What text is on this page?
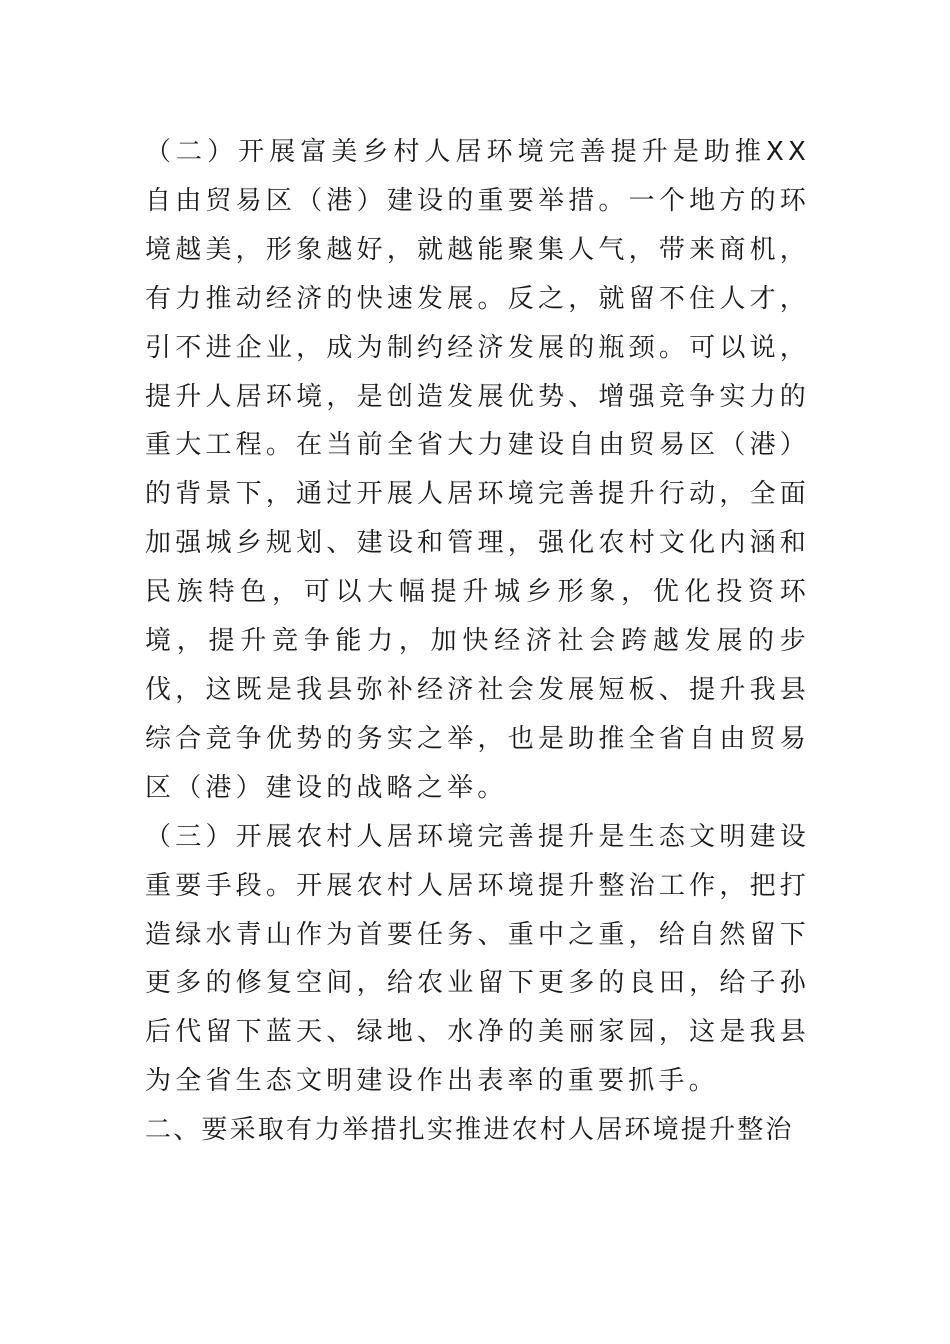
（二）开展富美乡村人居环境完善提升是助推XX自由贸易区（港）建设的重要举措。一个地方的环境越美，形象越好，就越能聚集人气，带来商机，有力推动经济的快速发展。反之，就留不住人才，引不进企业，成为制约经济发展的瓶颈。可以说，提升人居环境，是创造发展优势、增强竞争实力的重大工程。在当前全省大力建设自由贸易区（港）的背景下，通过开展人居环境完善提升行动，全面加强城乡规划、建设和管理，强化农村文化内涵和民族特色，可以大幅提升城乡形象，优化投资环境，提升竞争能力，加快经济社会跨越发展的步伐，这既是我县弥补经济社会发展短板、提升我县综合竞争优势的务实之举，也是助推全省自由贸易区（港）建设的战略之举。

（三）开展农村人居环境完善提升是生态文明建设重要手段。开展农村人居环境提升整治工作，把打造绿水青山作为首要任务、重中之重，给自然留下更多的修复空间，给农业留下更多的良田，给子孙后代留下蓝天、绿地、水净的美丽家园，这是我县为全省生态文明建设作出表率的重要抓手。

二、要采取有力举措扎实推进农村人居环境提升整治
